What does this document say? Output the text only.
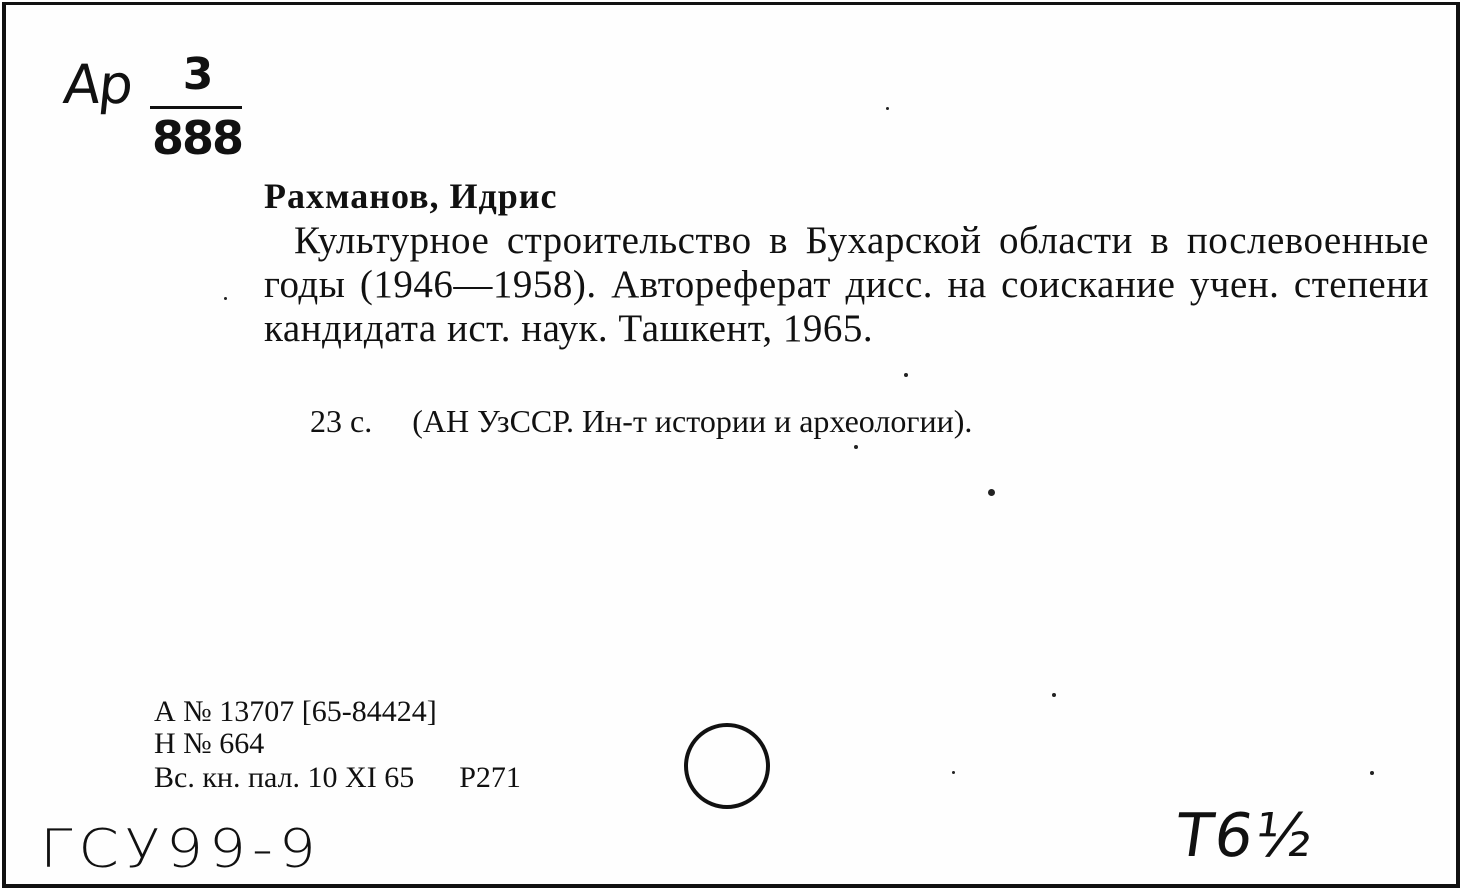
Ар	3
888
Рахманов, Идрис
Культурное строительство в Бухарской области в послевоенные годы (1946—1958). Автореферат дисс. на соискание учен. степени кандидата ист. наук. Ташкент, 1965.
23 с.     (АН УзССР. Ин-т истории и археологии).
А № 13707 [65-84424]
Н № 664
Вс. кн. пал. 10 XI 65      Р271
ГСУ99-9	Т6½
